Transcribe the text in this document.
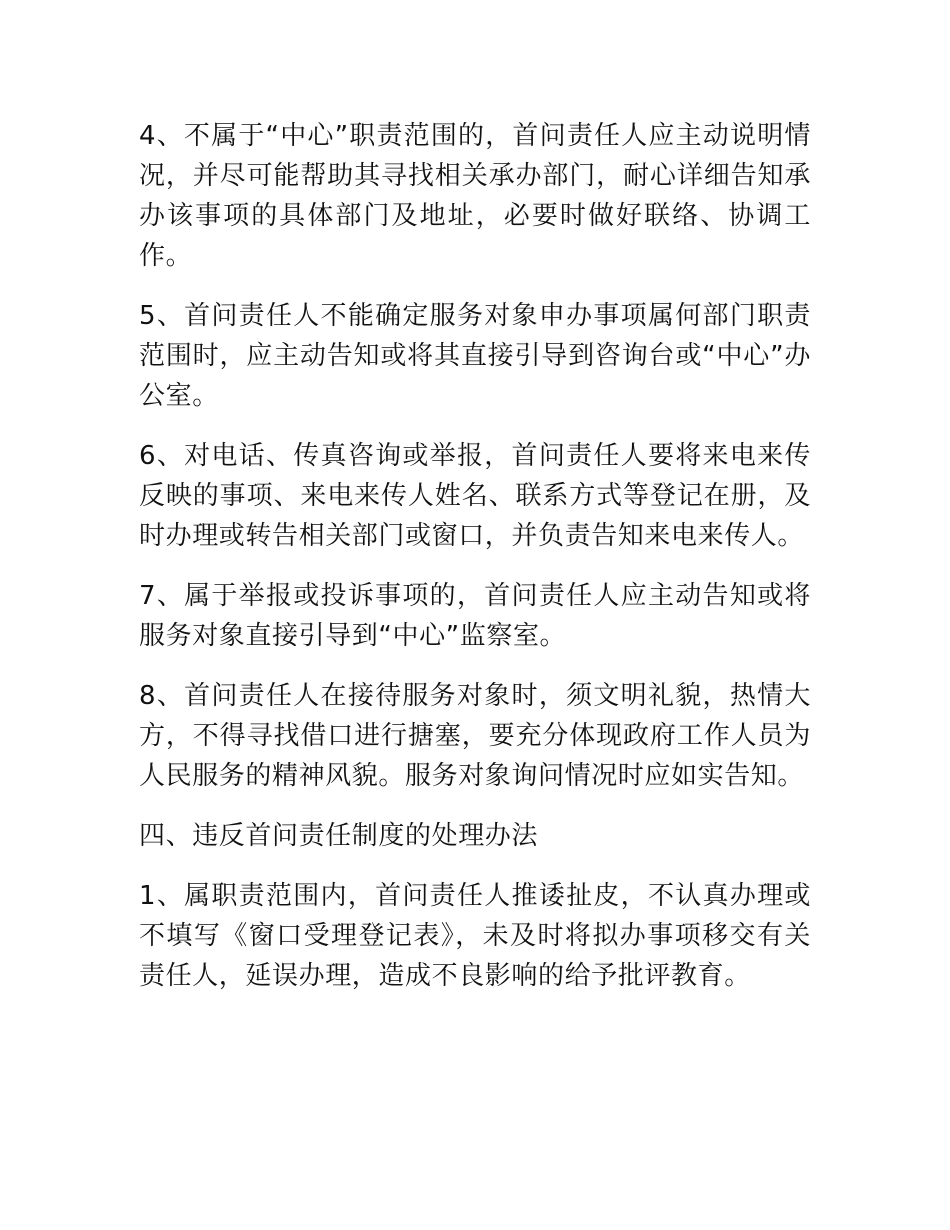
4、不属于“中心”职责范围的，首问责任人应主动说明情况，并尽可能帮助其寻找相关承办部门，耐心详细告知承办该事项的具体部门及地址，必要时做好联络、协调工作。

5、首问责任人不能确定服务对象申办事项属何部门职责范围时，应主动告知或将其直接引导到咨询台或“中心”办公室。

6、对电话、传真咨询或举报，首问责任人要将来电来传反映的事项、来电来传人姓名、联系方式等登记在册，及时办理或转告相关部门或窗口，并负责告知来电来传人。

7、属于举报或投诉事项的，首问责任人应主动告知或将服务对象直接引导到“中心”监察室。

8、首问责任人在接待服务对象时，须文明礼貌，热情大方，不得寻找借口进行搪塞，要充分体现政府工作人员为人民服务的精神风貌。服务对象询问情况时应如实告知。

四、违反首问责任制度的处理办法

1、属职责范围内，首问责任人推诿扯皮，不认真办理或不填写《窗口受理登记表》，未及时将拟办事项移交有关责任人，延误办理，造成不良影响的给予批评教育。
